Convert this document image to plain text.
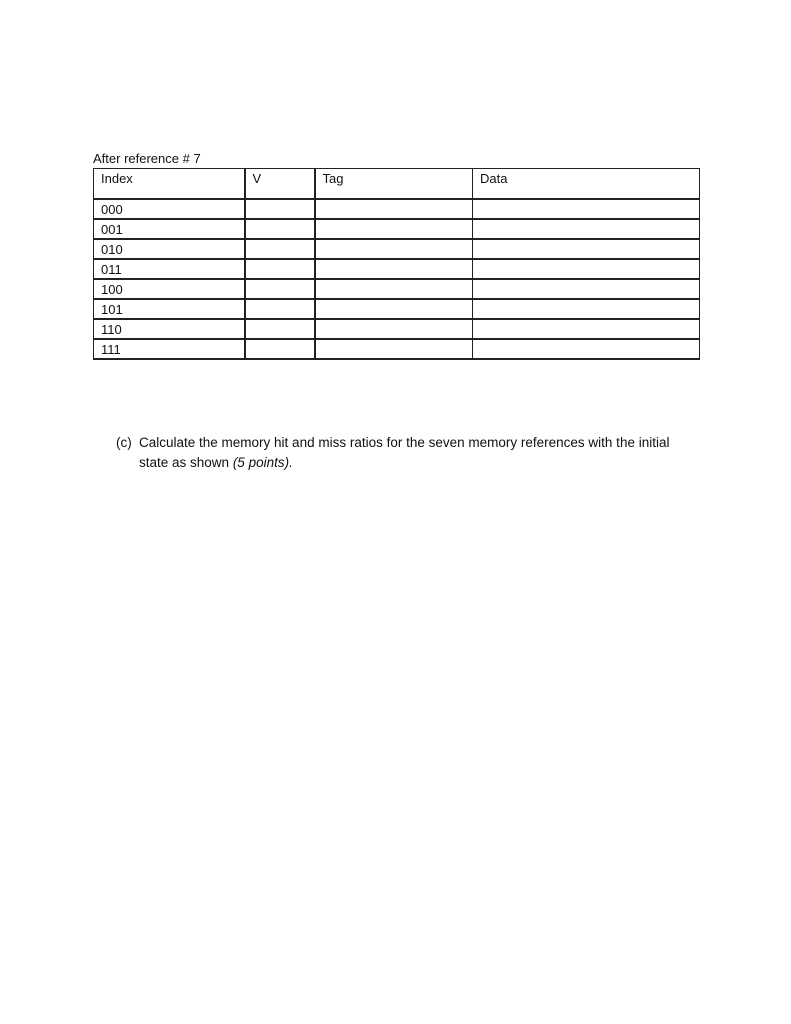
After reference # 7
Index	V	Tag	Data
000			
001			
010			
011			
100			
101			
110			
111			
(c) Calculate the memory hit and miss ratios for the seven memory references with the initial state as shown (5 points).
